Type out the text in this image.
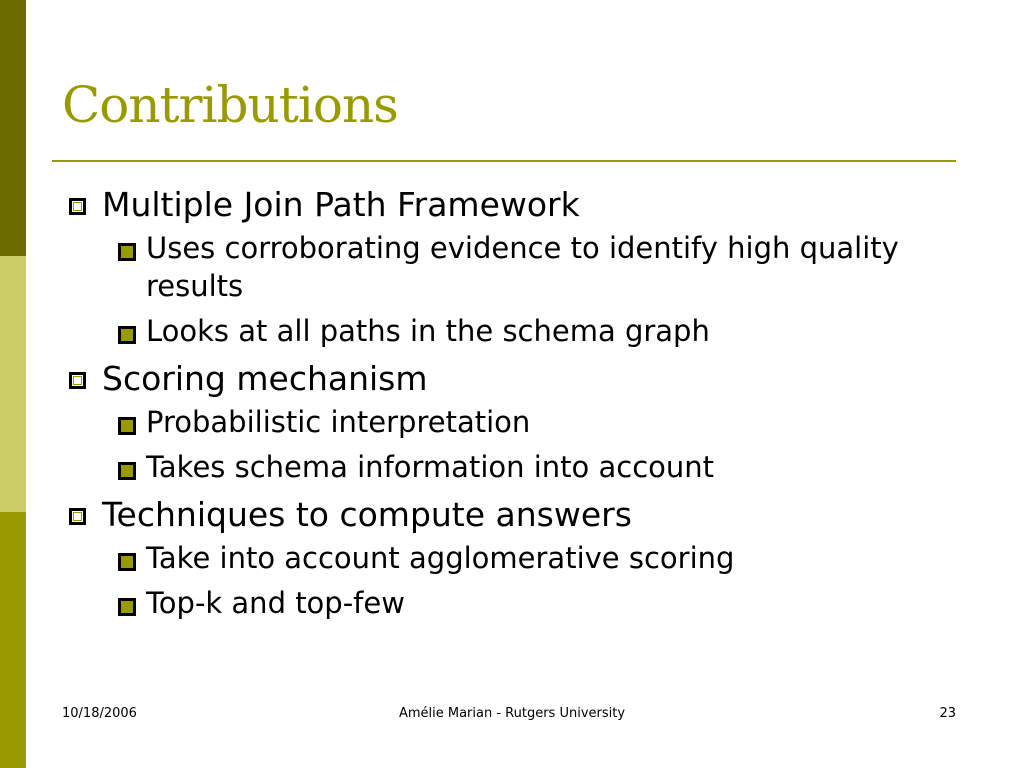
Contributions
Multiple Join Path Framework
Uses corroborating evidence to identify high quality results
Looks at all paths in the schema graph
Scoring mechanism
Probabilistic interpretation
Takes schema information into account
Techniques to compute answers
Take into account agglomerative scoring
Top-k and top-few
10/18/2006	Amélie Marian - Rutgers University	23
